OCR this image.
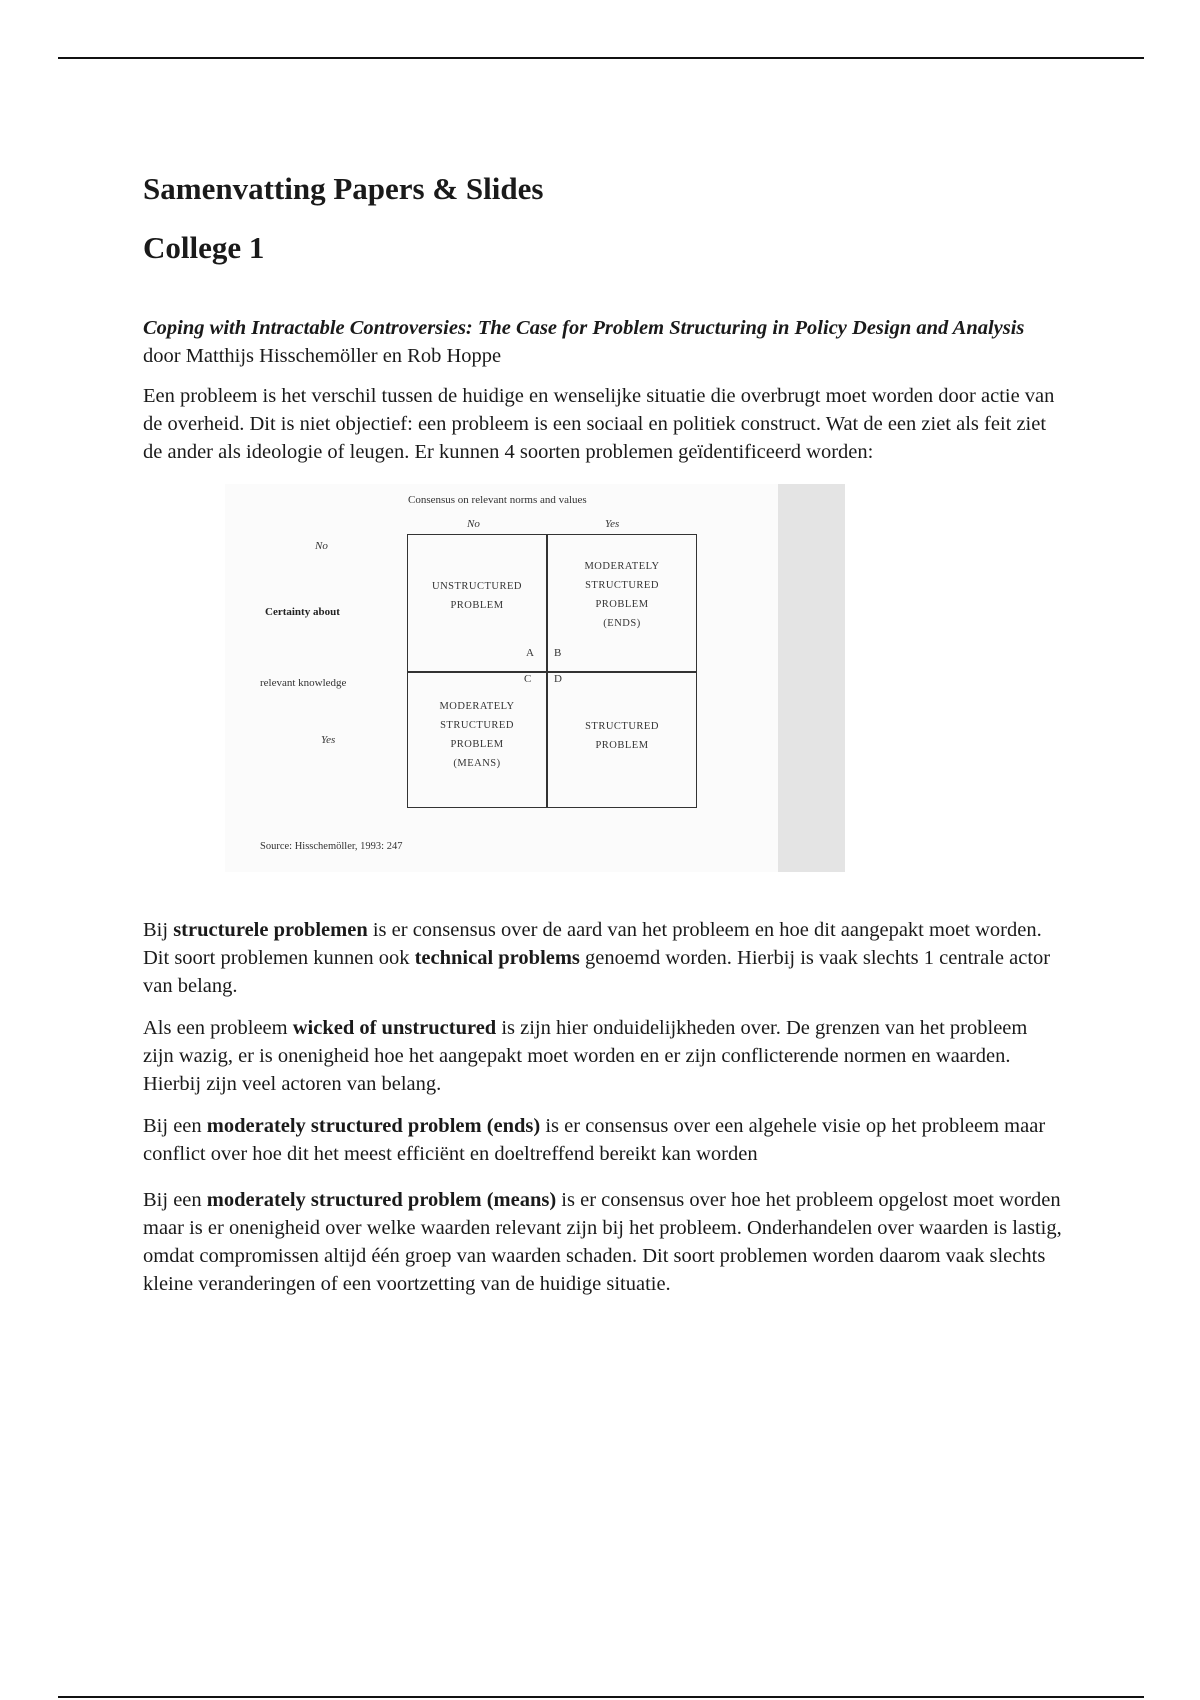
Samenvatting Papers & Slides
College 1

Coping with Intractable Controversies: The Case for Problem Structuring in Policy Design and Analysis door Matthijs Hisschemöller en Rob Hoppe

Een probleem is het verschil tussen de huidige en wenselijke situatie die overbrugt moet worden door actie van de overheid. Dit is niet objectief: een probleem is een sociaal en politiek construct. Wat de een ziet als feit ziet de ander als ideologie of leugen. Er kunnen 4 soorten problemen geïdentificeerd worden:

Consensus on relevant norms and values
No	Yes
No
Certainty about
relevant knowledge
Yes
UNSTRUCTURED
PROBLEM
MODERATELY
STRUCTURED
PROBLEM
(ENDS)
MODERATELY
STRUCTURED
PROBLEM
(MEANS)
STRUCTURED
PROBLEM
A B
C D
Source: Hisschemöller, 1993: 247

Bij structurele problemen is er consensus over de aard van het probleem en hoe dit aangepakt moet worden. Dit soort problemen kunnen ook technical problems genoemd worden. Hierbij is vaak slechts 1 centrale actor van belang.

Als een probleem wicked of unstructured is zijn hier onduidelijkheden over. De grenzen van het probleem zijn wazig, er is onenigheid hoe het aangepakt moet worden en er zijn conflicterende normen en waarden. Hierbij zijn veel actoren van belang.

Bij een moderately structured problem (ends) is er consensus over een algehele visie op het probleem maar conflict over hoe dit het meest efficiënt en doeltreffend bereikt kan worden

Bij een moderately structured problem (means) is er consensus over hoe het probleem opgelost moet worden maar is er onenigheid over welke waarden relevant zijn bij het probleem. Onderhandelen over waarden is lastig, omdat compromissen altijd één groep van waarden schaden. Dit soort problemen worden daarom vaak slechts kleine veranderingen of een voortzetting van de huidige situatie.
